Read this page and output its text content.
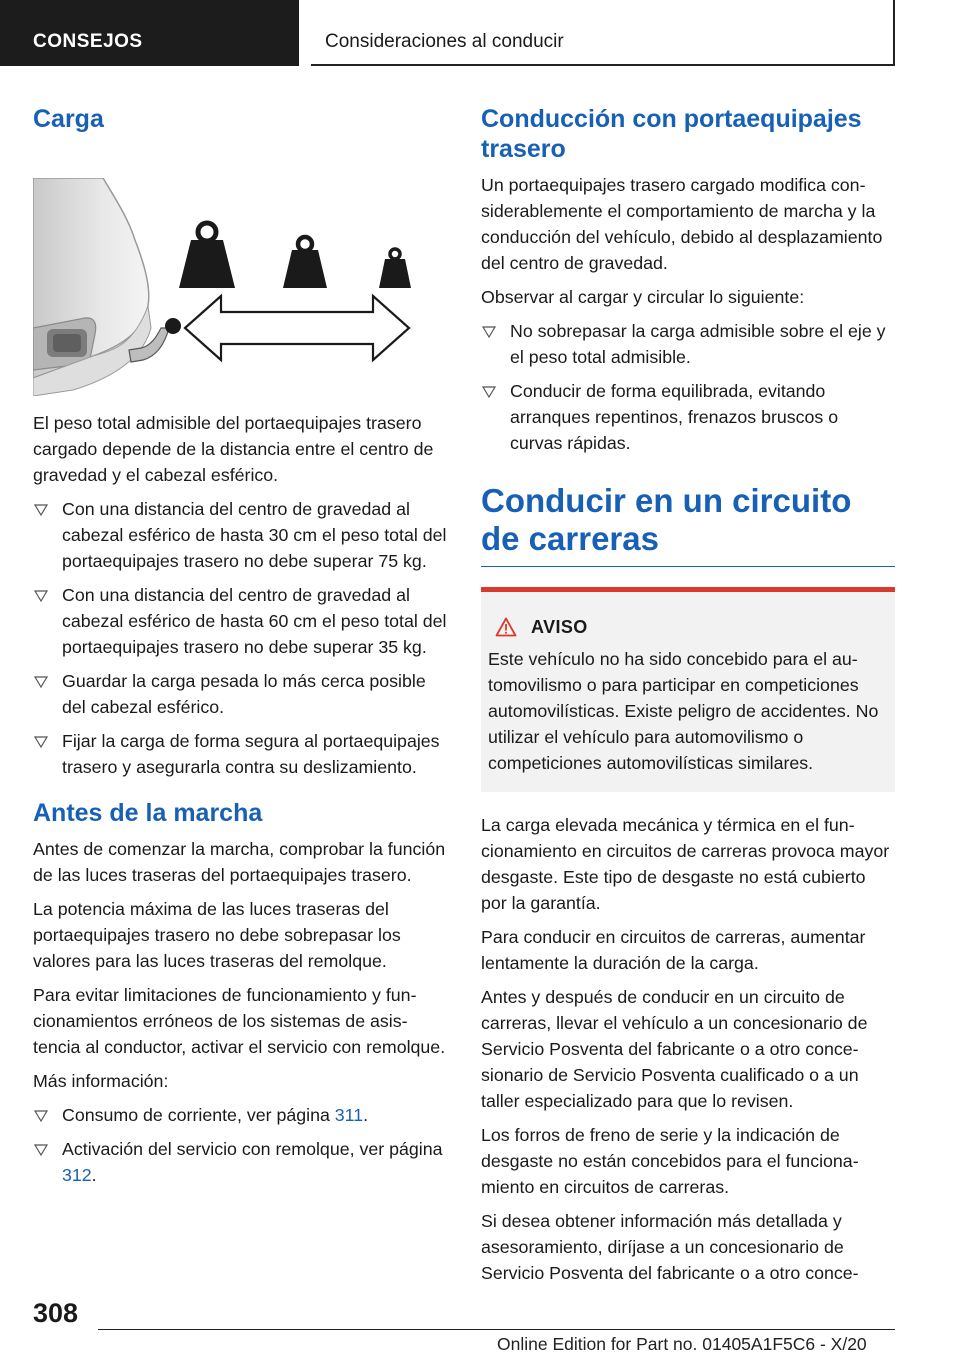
CONSEJOS	Consideraciones al conducir
Carga

El peso total admisible del portaequipajes trasero cargado depende de la distancia entre el centro de gravedad y el cabezal esférico.

Con una distancia del centro de gravedad al cabezal esférico de hasta 30 cm el peso total del portaequipajes trasero no debe superar 75 kg.
Con una distancia del centro de gravedad al cabezal esférico de hasta 60 cm el peso total del portaequipajes trasero no debe superar 35 kg.
Guardar la carga pesada lo más cerca posible del cabezal esférico.
Fijar la carga de forma segura al portaequipajes trasero y asegurarla contra su deslizamiento.
Antes de la marcha

Antes de comenzar la marcha, comprobar la función de las luces traseras del portaequipajes trasero.

La potencia máxima de las luces traseras del portaequipajes trasero no debe sobrepasar los valores para las luces traseras del remolque.

Para evitar limitaciones de funcionamiento y funcionamientos erróneos de los sistemas de asistencia al conductor, activar el servicio con remolque.

Más información:

Consumo de corriente, ver página 311.
Activación del servicio con remolque, ver página 312.
Conducción con portaequipajes trasero

Un portaequipajes trasero cargado modifica considerablemente el comportamiento de marcha y la conducción del vehículo, debido al desplazamiento del centro de gravedad.

Observar al cargar y circular lo siguiente:

No sobrepasar la carga admisible sobre el eje y el peso total admisible.
Conducir de forma equilibrada, evitando arranques repentinos, frenazos bruscos o curvas rápidas.
Conducir en un circuito de carreras
AVISO

Este vehículo no ha sido concebido para el automovilismo o para participar en competiciones automovilísticas. Existe peligro de accidentes. No utilizar el vehículo para automovilismo o competiciones automovilísticas similares.

La carga elevada mecánica y térmica en el funcionamiento en circuitos de carreras provoca mayor desgaste. Este tipo de desgaste no está cubierto por la garantía.

Para conducir en circuitos de carreras, aumentar lentamente la duración de la carga.

Antes y después de conducir en un circuito de carreras, llevar el vehículo a un concesionario de Servicio Posventa del fabricante o a otro concesionario de Servicio Posventa cualificado o a un taller especializado para que lo revisen.

Los forros de freno de serie y la indicación de desgaste no están concebidos para el funcionamiento en circuitos de carreras.

Si desea obtener información más detallada y asesoramiento, diríjase a un concesionario de Servicio Posventa del fabricante o a otro conce-

308
Online Edition for Part no. 01405A1F5C6 - X/20
